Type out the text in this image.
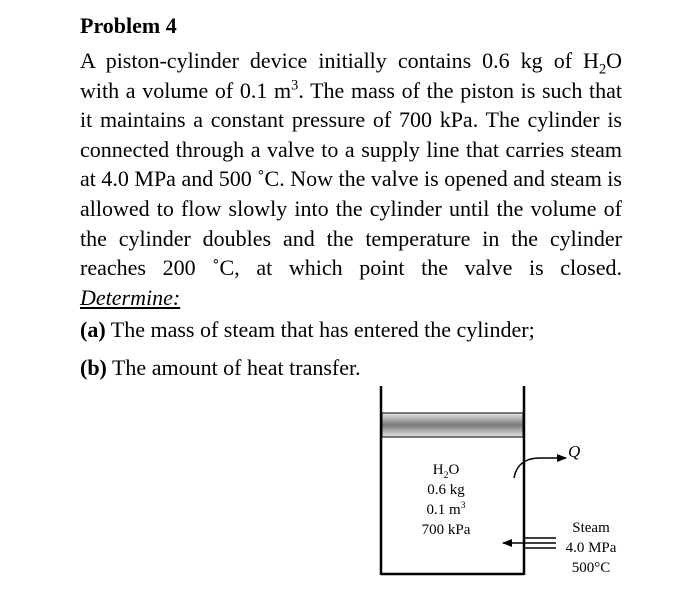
Problem 4

A piston-cylinder device initially contains 0.6 kg of $H_2O$ with a volume of 0.1 $m^3$. The mass of the piston is such that it maintains a constant pressure of 700 kPa. The cylinder is connected through a valve to a supply line that carries steam at 4.0 MPa and 500 ˚C. Now the valve is opened and steam is allowed to flow slowly into the cylinder until the volume of the cylinder doubles and the temperature in the cylinder reaches 200 ˚C, at which point the valve is closed. Determine:

(a) The mass of steam that has entered the cylinder;

(b) The amount of heat transfer.

$H_2O$
0.6 kg
0.1 $m^3$
700 kPa
Q
Steam
4.0 MPa
500°C
